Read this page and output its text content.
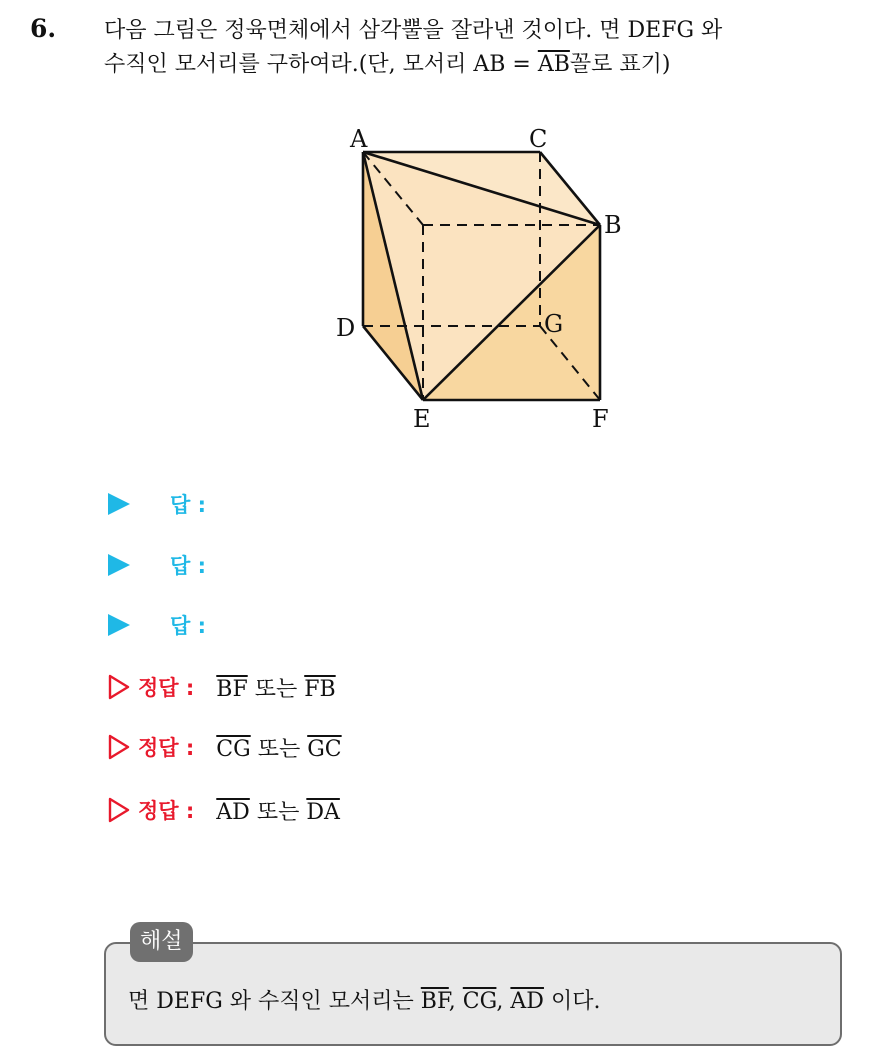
6. 다음 그림은 정육면체에서 삼각뿔을 잘라낸 것이다. 면 DEFG 와
수직인 모서리를 구하여라.(단, 모서리 AB = $\overline{AB}$꼴로 표기)
A	C
B
D	G
E	F
답 :
답 :
답 :
정답 : $\overline{BF}$ 또는 $\overline{FB}$
정답 : $\overline{CG}$ 또는 $\overline{GC}$
정답 : $\overline{AD}$ 또는 $\overline{DA}$
해설
면 DEFG 와 수직인 모서리는 $\overline{BF}$, $\overline{CG}$, $\overline{AD}$ 이다.
